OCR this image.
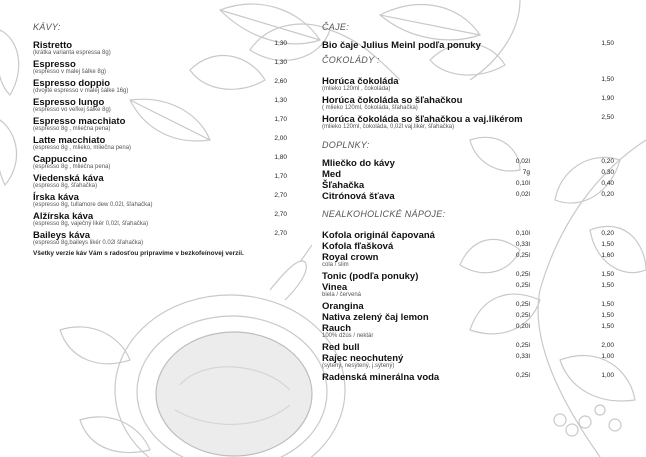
KÁVY:
Ristretto	1,30
(krátka varianta espressa 8g)
Espresso	1,30
(espresso v malej šálke 8g)
Espresso doppio	2,60
(dvojité espresso v malej šálke 16g)
Espresso lungo	1,30
(espresso vo veľkej šálke 8g)
Espresso macchiato	1,70
(espresso 8g , mliečna pena)
Latte macchiato	2,00
(espresso 8g , mlieko, mliečna pena)
Cappuccino	1,80
(espresso 8g , mliečna pena)
Viedenská káva	1,70
(espresso 8g, šľahačka)
Írska káva	2,70
(espresso 8g, tullamore dew 0.02l, šľahačka)
Alžírska káva	2,70
(espresso 8g, vaječný likér 0,02l, šľahačka)
Baileys káva	2,70
(espresso 8g,baileys likér 0.02l šľahačka)
Všetky verzie káv Vám s radosťou pripravíme v bezkofeínovej verzii.
ČAJE:
Bio čaje Julius Meinl podľa ponuky	1,50
ČOKOLÁDY :
Horúca čokoláda	1,50
(mlieko 120ml , čokoláda)
Horúca čokoláda so šľahačkou	1,90
( mlieko 120ml, čokoláda, šľahačka)
Horúca čokoláda so šľahačkou a vaj.likérom	2,50
(mlieko 120ml, čokoláda, 0,02l vaj.likér, šľahačka)
DOPLNKY:
Mliečko do kávy	0,02l	0,20
Med	7g	0,30
Šľahačka	0,10l	0,40
Citrónová šťava	0,02l	0,20
NEALKOHOLICKÉ NÁPOJE:
Kofola originál čapovaná	0,10l	0,20
Kofola fľašková	0,33l	1,50
Royal crown	0,25l	1,60
cola / slim
Tonic (podľa ponuky)	0,25l	1,50
Vinea	0,25l	1,50
biela / červená
Orangina	0,25l	1,50
Nativa zelený čaj lemon	0,25l	1,50
Rauch	0,20l	1,50
100% džús / nektár
Red bull	0,25l	2,00
Rajec neochutený	0,33l	1,00
(sýtený, nesýtený, j.sýtený)
Radenská minerálna voda	0,25l	1,00
